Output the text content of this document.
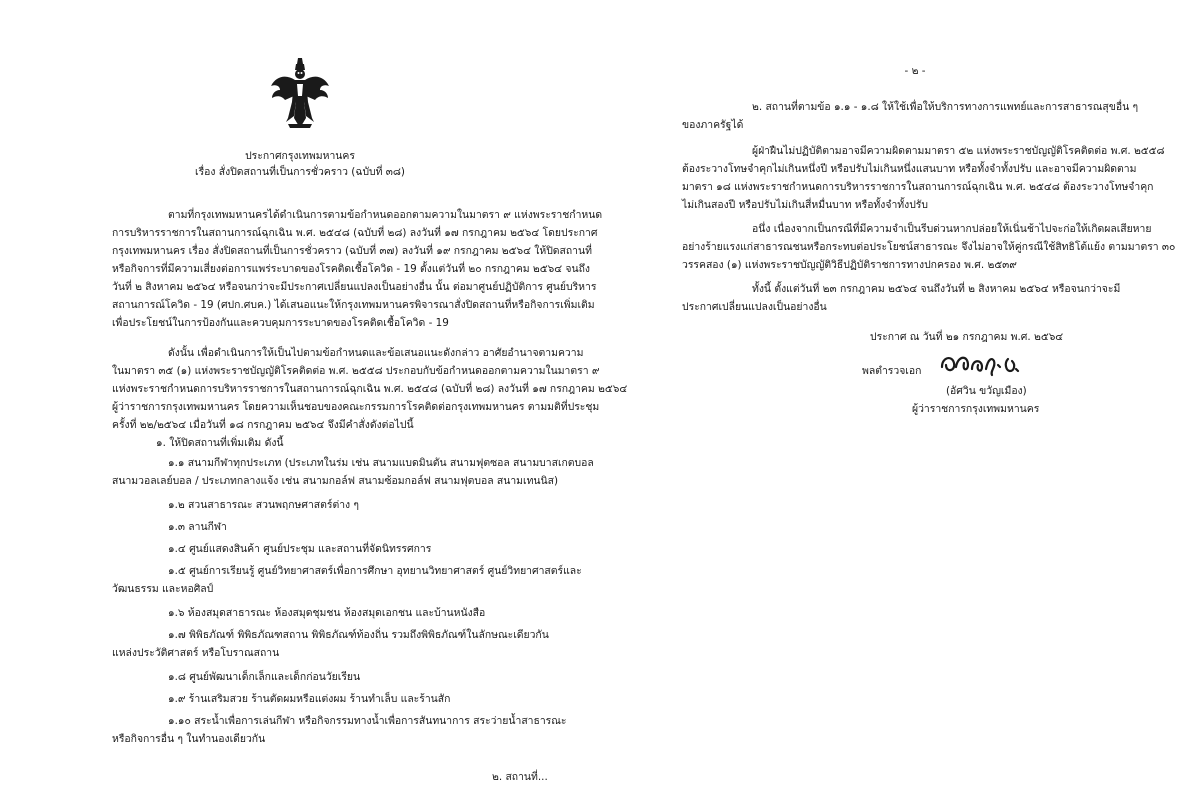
ประกาศกรุงเทพมหานคร
เรื่อง สั่งปิดสถานที่เป็นการชั่วคราว (ฉบับที่ ๓๘)
ตามที่กรุงเทพมหานครได้ดำเนินการตามข้อกำหนดออกตามความในมาตรา ๙ แห่งพระราชกำหนด
การบริหารราชการในสถานการณ์ฉุกเฉิน พ.ศ. ๒๕๔๘ (ฉบับที่ ๒๘) ลงวันที่ ๑๗ กรกฎาคม ๒๕๖๔ โดยประกาศ
กรุงเทพมหานคร เรื่อง สั่งปิดสถานที่เป็นการชั่วคราว (ฉบับที่ ๓๗) ลงวันที่ ๑๙ กรกฎาคม ๒๕๖๔ ให้ปิดสถานที่
หรือกิจการที่มีความเสี่ยงต่อการแพร่ระบาดของโรคติดเชื้อโควิด - 19 ตั้งแต่วันที่ ๒๐ กรกฎาคม ๒๕๖๔ จนถึง
วันที่ ๒ สิงหาคม ๒๕๖๔ หรือจนกว่าจะมีประกาศเปลี่ยนแปลงเป็นอย่างอื่น นั้น ต่อมาศูนย์ปฏิบัติการ ศูนย์บริหาร
สถานการณ์โควิด - 19 (ศปก.ศบค.) ได้เสนอแนะให้กรุงเทพมหานครพิจารณาสั่งปิดสถานที่หรือกิจการเพิ่มเติม
เพื่อประโยชน์ในการป้องกันและควบคุมการระบาดของโรคติดเชื้อโควิด - 19
ดังนั้น เพื่อดำเนินการให้เป็นไปตามข้อกำหนดและข้อเสนอแนะดังกล่าว อาศัยอำนาจตามความ
ในมาตรา ๓๕ (๑) แห่งพระราชบัญญัติโรคติดต่อ พ.ศ. ๒๕๕๘ ประกอบกับข้อกำหนดออกตามความในมาตรา ๙
แห่งพระราชกำหนดการบริหารราชการในสถานการณ์ฉุกเฉิน พ.ศ. ๒๕๔๘ (ฉบับที่ ๒๘) ลงวันที่ ๑๗ กรกฎาคม ๒๕๖๔
ผู้ว่าราชการกรุงเทพมหานคร โดยความเห็นชอบของคณะกรรมการโรคติดต่อกรุงเทพมหานคร ตามมติที่ประชุม
ครั้งที่ ๒๒/๒๕๖๔ เมื่อวันที่ ๑๘ กรกฎาคม ๒๕๖๔ จึงมีคำสั่งดังต่อไปนี้
๑. ให้ปิดสถานที่เพิ่มเติม ดังนี้
๑.๑ สนามกีฬาทุกประเภท (ประเภทในร่ม เช่น สนามแบดมินตัน สนามฟุตซอล สนามบาสเกตบอล
สนามวอลเลย์บอล / ประเภทกลางแจ้ง เช่น สนามกอล์ฟ สนามซ้อมกอล์ฟ สนามฟุตบอล สนามเทนนิส)
๑.๒ สวนสาธารณะ สวนพฤกษศาสตร์ต่าง ๆ
๑.๓ ลานกีฬา
๑.๔ ศูนย์แสดงสินค้า ศูนย์ประชุม และสถานที่จัดนิทรรศการ
๑.๕ ศูนย์การเรียนรู้ ศูนย์วิทยาศาสตร์เพื่อการศึกษา อุทยานวิทยาศาสตร์ ศูนย์วิทยาศาสตร์และ
วัฒนธรรม และหอศิลป์
๑.๖ ห้องสมุดสาธารณะ ห้องสมุดชุมชน ห้องสมุดเอกชน และบ้านหนังสือ
๑.๗ พิพิธภัณฑ์ พิพิธภัณฑสถาน พิพิธภัณฑ์ท้องถิ่น รวมถึงพิพิธภัณฑ์ในลักษณะเดียวกัน
แหล่งประวัติศาสตร์ หรือโบราณสถาน
๑.๘ ศูนย์พัฒนาเด็กเล็กและเด็กก่อนวัยเรียน
๑.๙ ร้านเสริมสวย ร้านตัดผมหรือแต่งผม ร้านทำเล็บ และร้านสัก
๑.๑๐ สระน้ำเพื่อการเล่นกีฬา หรือกิจกรรมทางน้ำเพื่อการสันทนาการ สระว่ายน้ำสาธารณะ
หรือกิจการอื่น ๆ ในทำนองเดียวกัน
๒. สถานที่...
- ๒ -
๒. สถานที่ตามข้อ ๑.๑ - ๑.๘ ให้ใช้เพื่อให้บริการทางการแพทย์และการสาธารณสุขอื่น ๆ
ของภาครัฐได้
ผู้ฝ่าฝืนไม่ปฏิบัติตามอาจมีความผิดตามมาตรา ๕๒ แห่งพระราชบัญญัติโรคติดต่อ พ.ศ. ๒๕๕๘
ต้องระวางโทษจำคุกไม่เกินหนึ่งปี หรือปรับไม่เกินหนึ่งแสนบาท หรือทั้งจำทั้งปรับ และอาจมีความผิดตาม
มาตรา ๑๘ แห่งพระราชกำหนดการบริหารราชการในสถานการณ์ฉุกเฉิน พ.ศ. ๒๕๔๘ ต้องระวางโทษจำคุก
ไม่เกินสองปี หรือปรับไม่เกินสี่หมื่นบาท หรือทั้งจำทั้งปรับ
อนึ่ง เนื่องจากเป็นกรณีที่มีความจำเป็นรีบด่วนหากปล่อยให้เนิ่นช้าไปจะก่อให้เกิดผลเสียหาย
อย่างร้ายแรงแก่สาธารณชนหรือกระทบต่อประโยชน์สาธารณะ จึงไม่อาจให้คู่กรณีใช้สิทธิโต้แย้ง ตามมาตรา ๓๐
วรรคสอง (๑) แห่งพระราชบัญญัติวิธีปฏิบัติราชการทางปกครอง พ.ศ. ๒๕๓๙
ทั้งนี้ ตั้งแต่วันที่ ๒๓ กรกฎาคม ๒๕๖๔ จนถึงวันที่ ๒ สิงหาคม ๒๕๖๔ หรือจนกว่าจะมี
ประกาศเปลี่ยนแปลงเป็นอย่างอื่น
ประกาศ ณ วันที่ ๒๑ กรกฎาคม พ.ศ. ๒๕๖๔
พลตำรวจเอก
(อัศวิน ขวัญเมือง)
ผู้ว่าราชการกรุงเทพมหานคร
